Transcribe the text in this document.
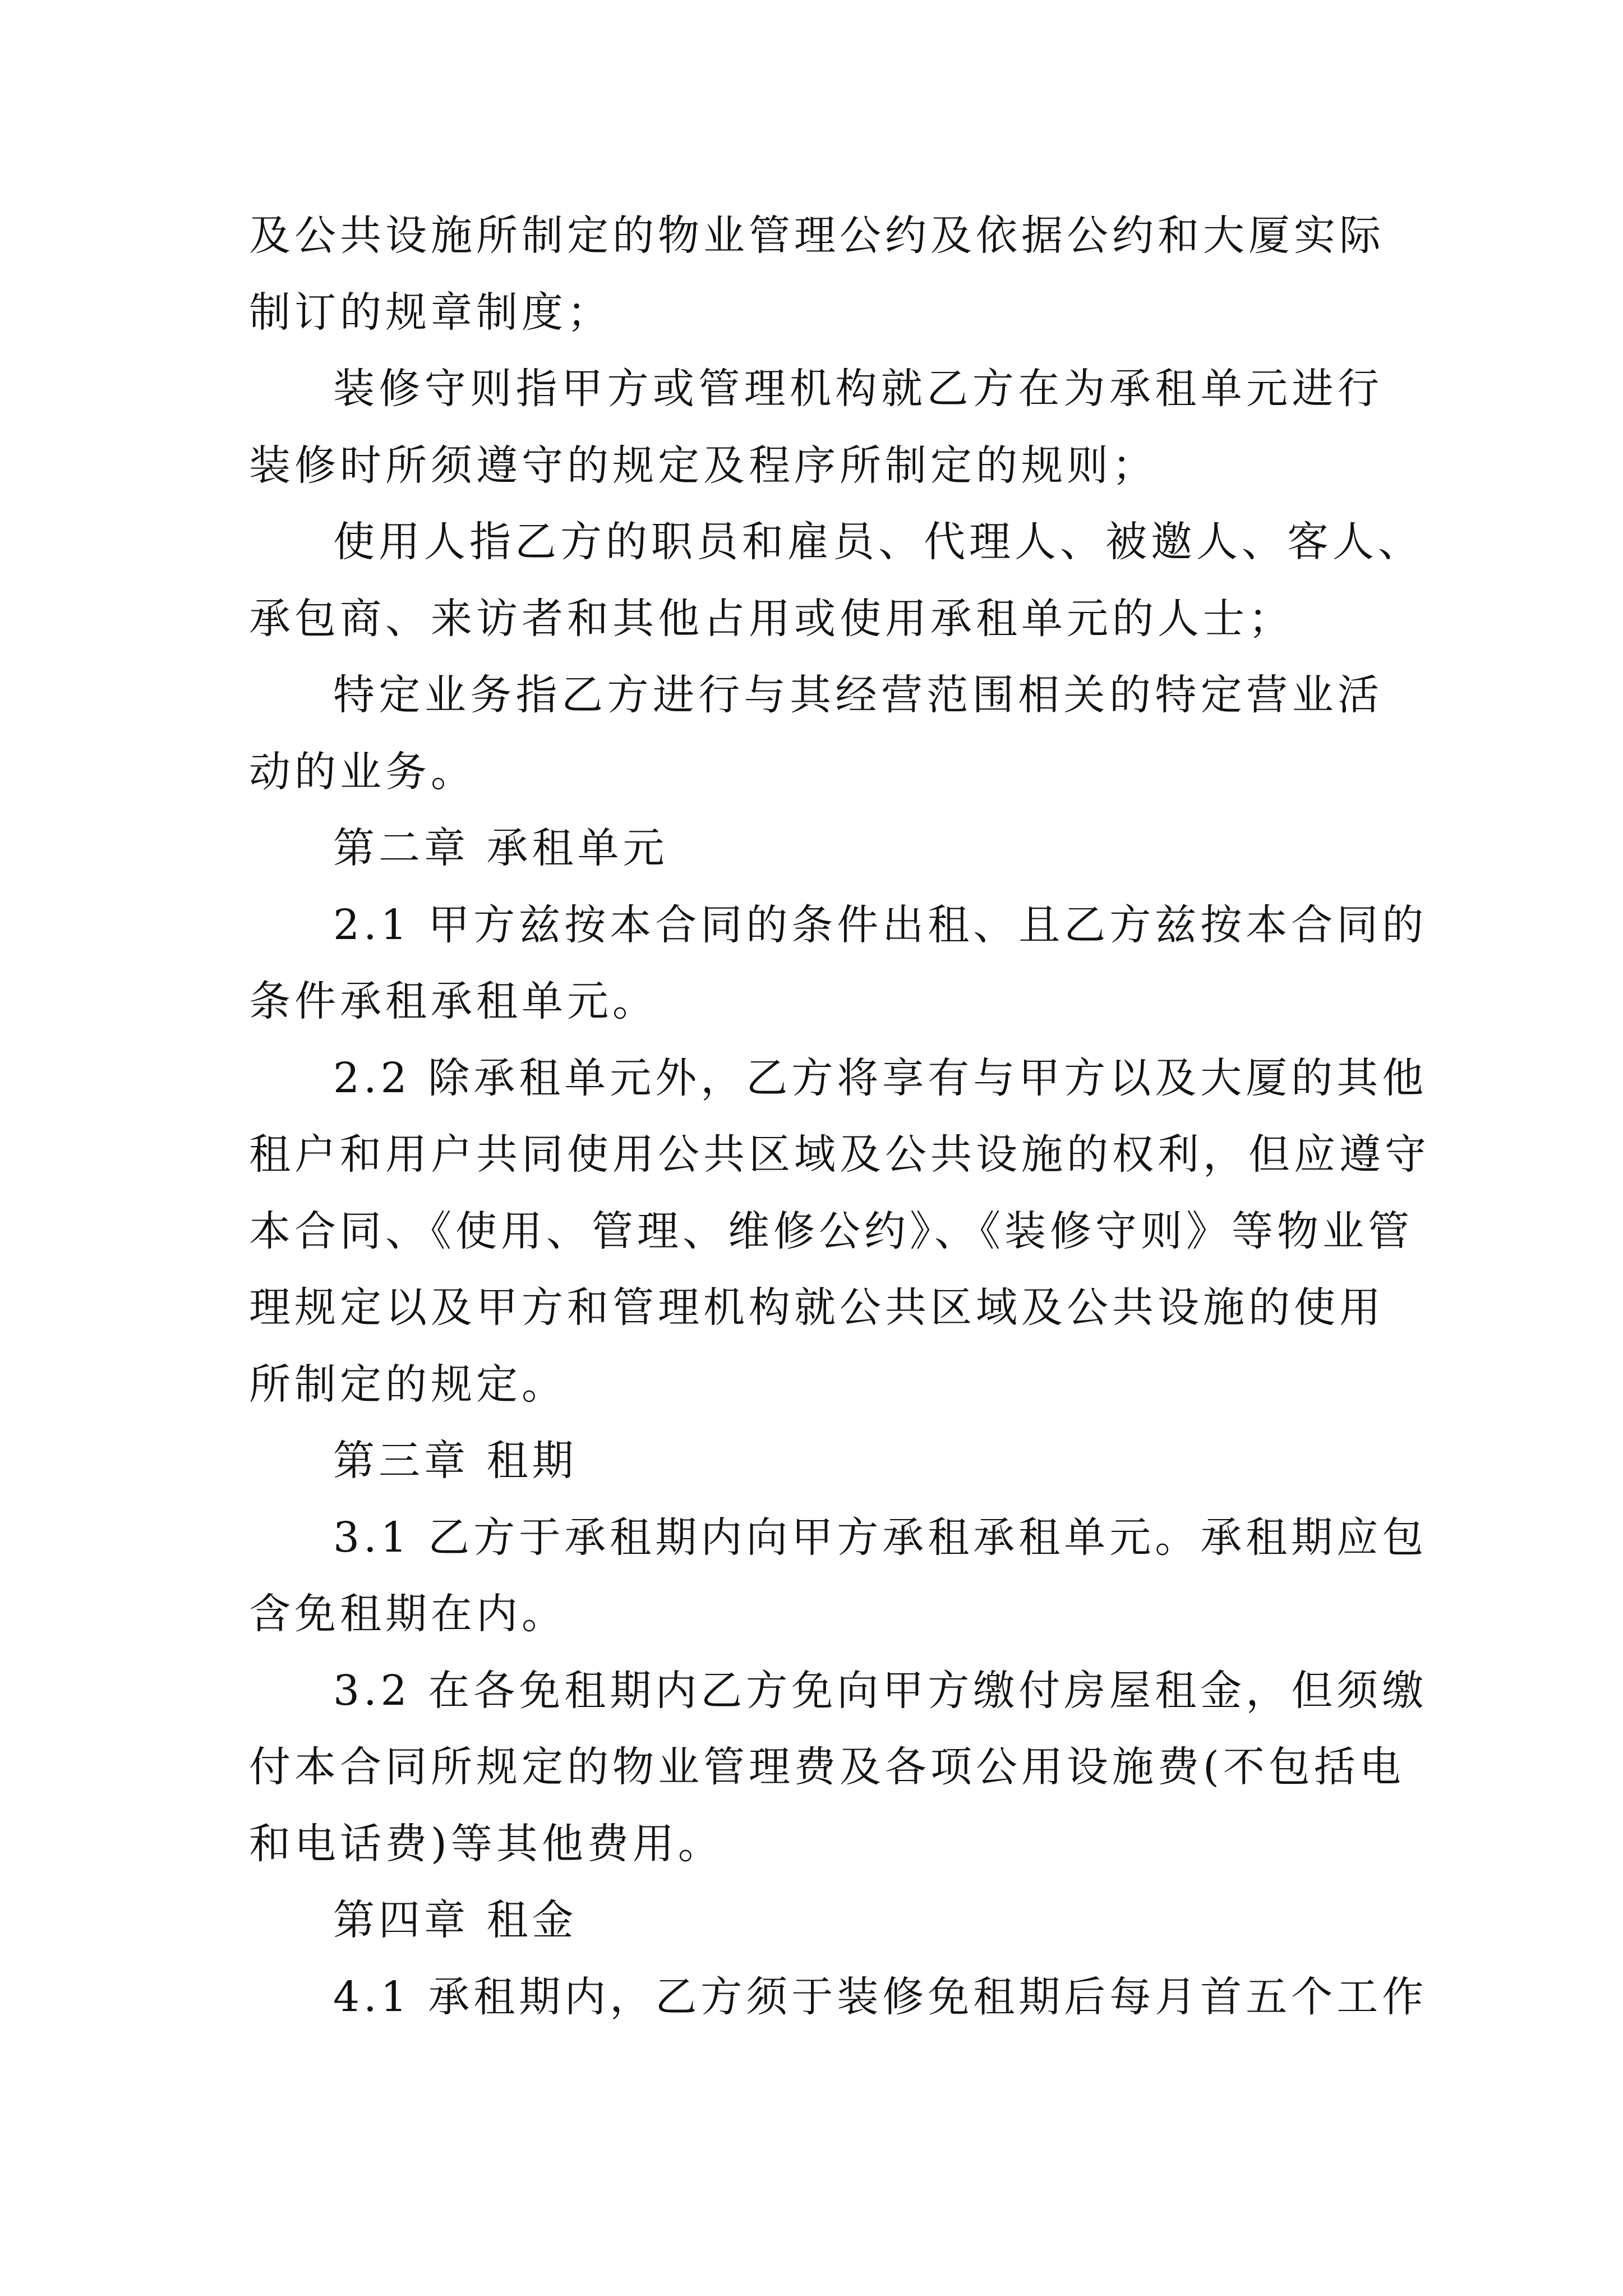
及公共设施所制定的物业管理公约及依据公约和大厦实际
制订的规章制度；
装修守则指甲方或管理机构就乙方在为承租单元进行
装修时所须遵守的规定及程序所制定的规则；
使用人指乙方的职员和雇员、代理人、被邀人、客人、
承包商、来访者和其他占用或使用承租单元的人士；
特定业务指乙方进行与其经营范围相关的特定营业活
动的业务。
第二章 承租单元
2.1 甲方兹按本合同的条件出租、且乙方兹按本合同的
条件承租承租单元。
2.2 除承租单元外，乙方将享有与甲方以及大厦的其他
租户和用户共同使用公共区域及公共设施的权利，但应遵守
本合同、《使用、管理、维修公约》、《装修守则》等物业管
理规定以及甲方和管理机构就公共区域及公共设施的使用
所制定的规定。
第三章 租期
3.1 乙方于承租期内向甲方承租承租单元。承租期应包
含免租期在内。
3.2 在各免租期内乙方免向甲方缴付房屋租金，但须缴
付本合同所规定的物业管理费及各项公用设施费(不包括电
和电话费)等其他费用。
第四章 租金
4.1 承租期内，乙方须于装修免租期后每月首五个工作
